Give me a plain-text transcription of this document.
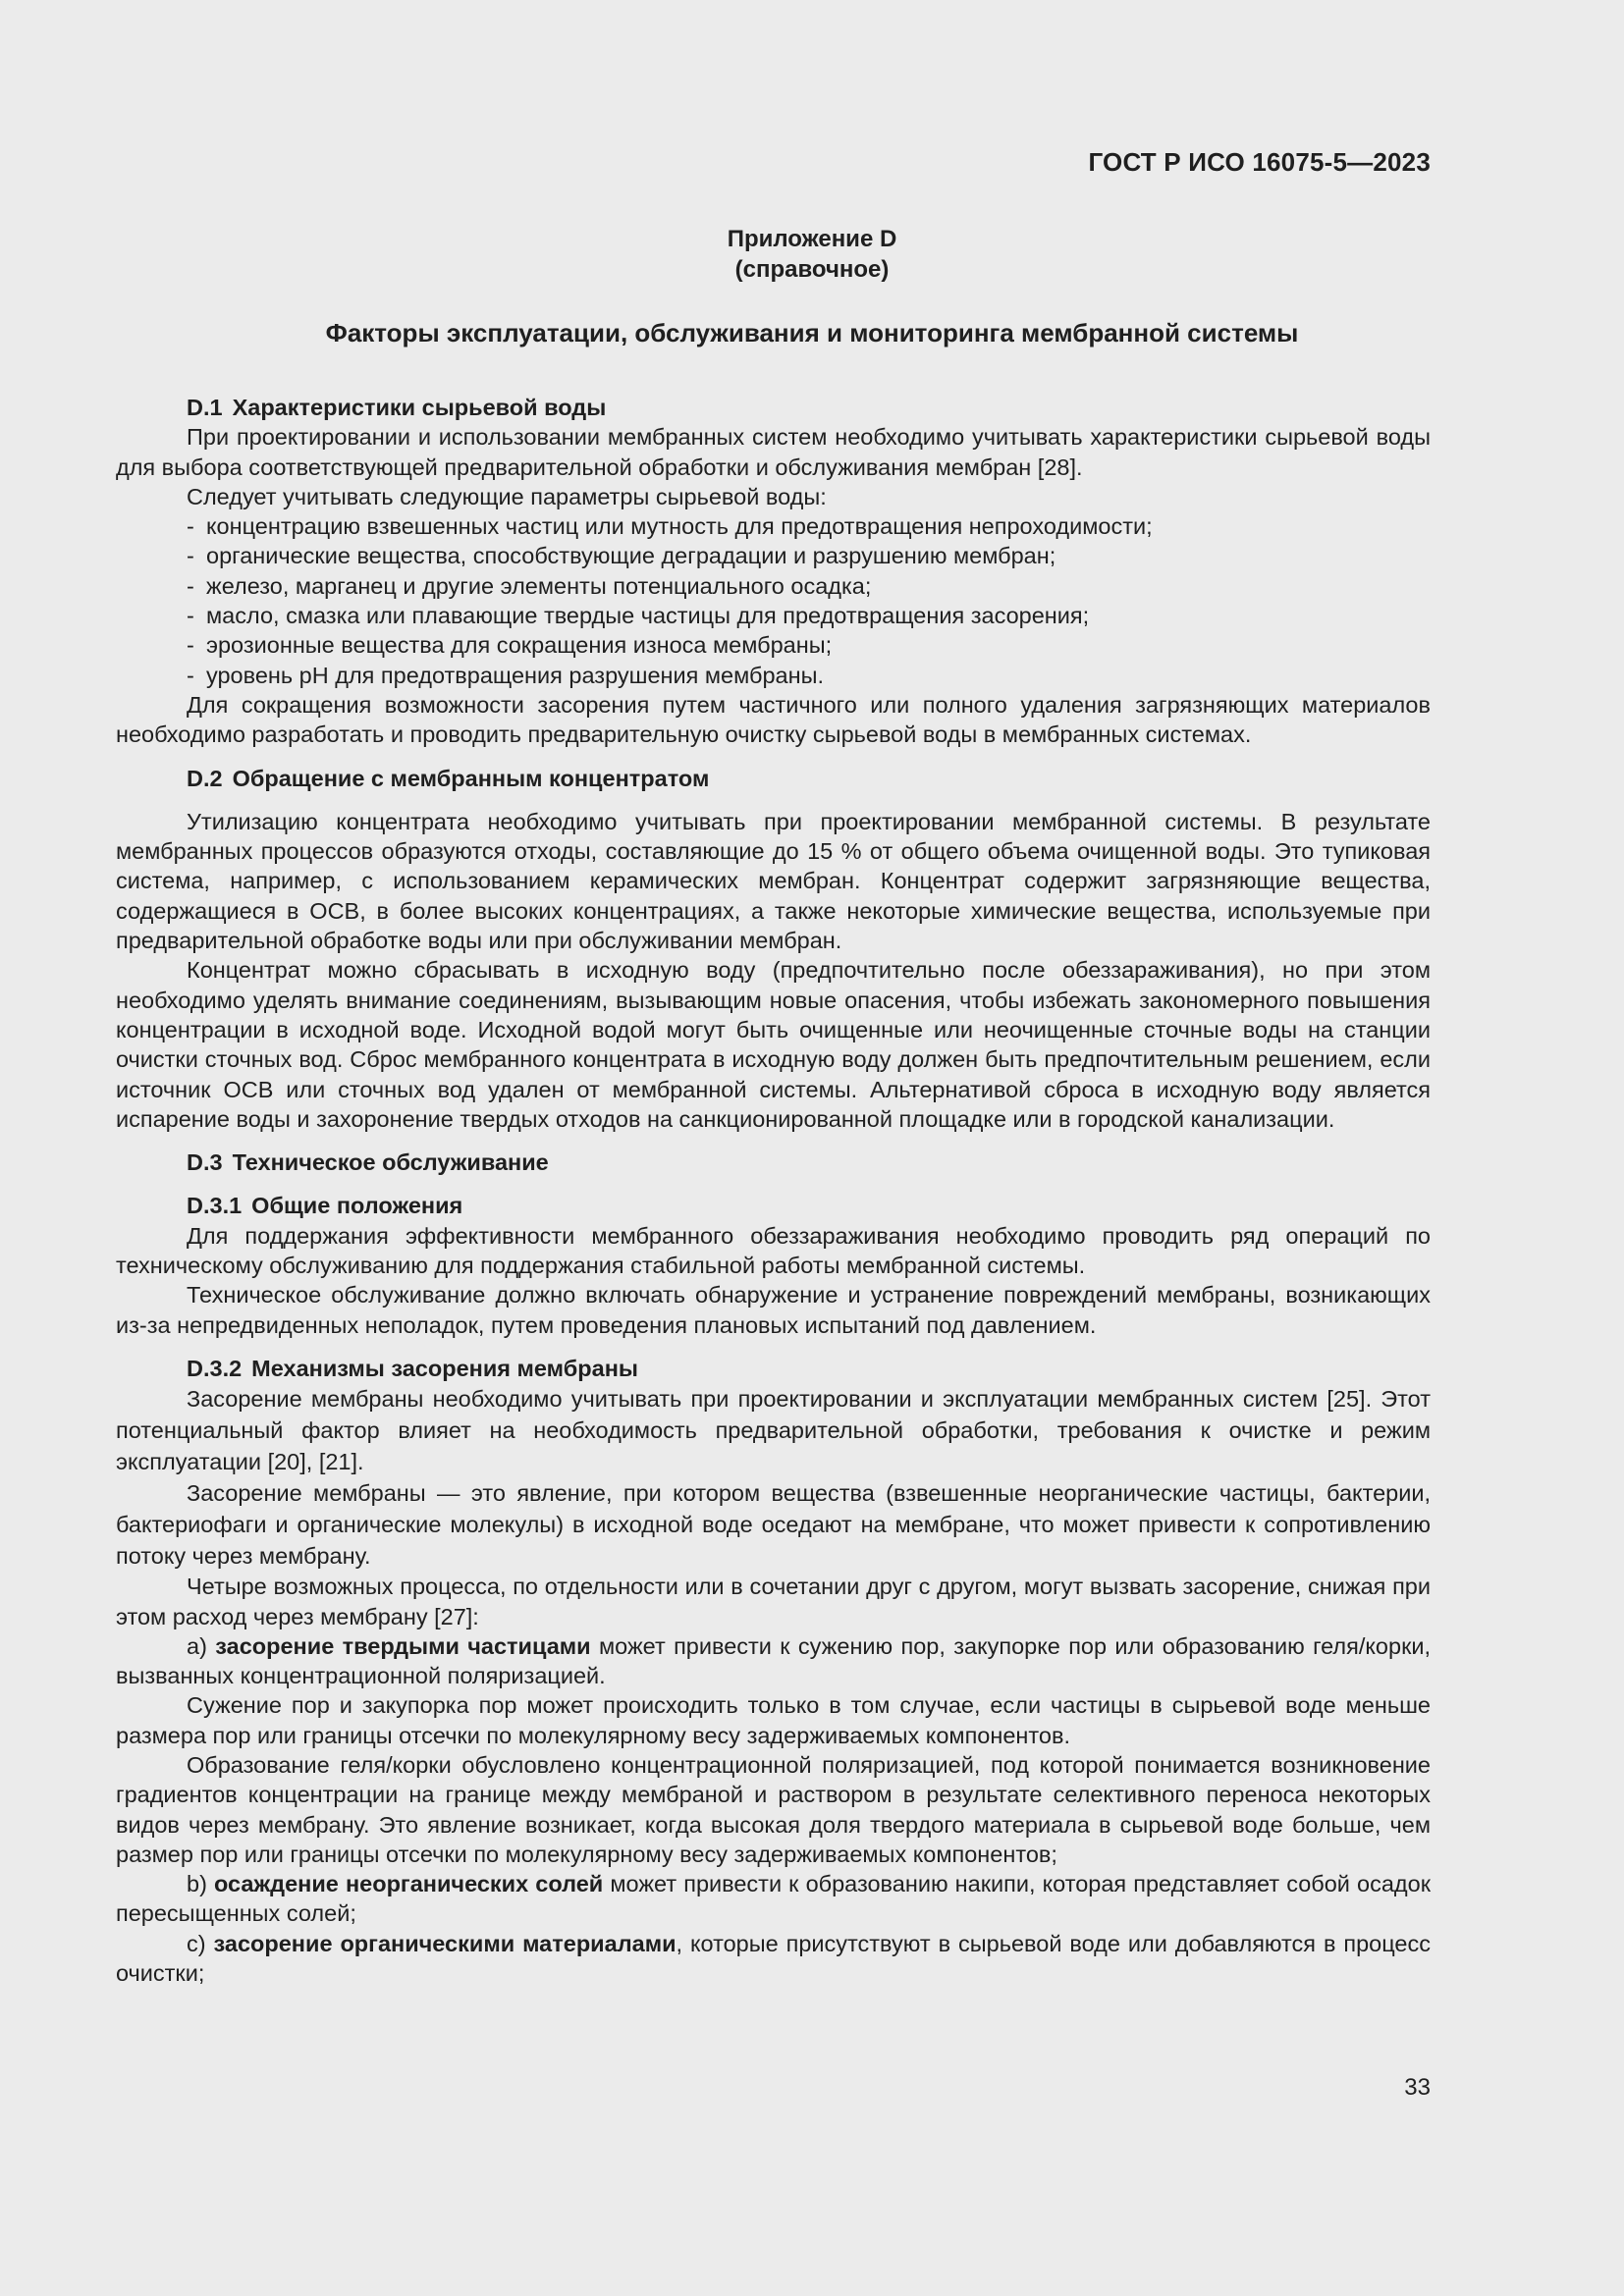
ГОСТ Р ИСО 16075-5—2023
Приложение D
(справочное)
Факторы эксплуатации, обслуживания и мониторинга мембранной системы
D.1 Характеристики сырьевой воды

При проектировании и использовании мембранных систем необходимо учитывать характеристики сырьевой воды для выбора соответствующей предварительной обработки и обслуживания мембран [28].

Следует учитывать следующие параметры сырьевой воды:

- концентрацию взвешенных частиц или мутность для предотвращения непроходимости;
- органические вещества, способствующие деградации и разрушению мембран;
- железо, марганец и другие элементы потенциального осадка;
- масло, смазка или плавающие твердые частицы для предотвращения засорения;
- эрозионные вещества для сокращения износа мембраны;
- уровень pH для предотвращения разрушения мембраны.

Для сокращения возможности засорения путем частичного или полного удаления загрязняющих материалов необходимо разработать и проводить предварительную очистку сырьевой воды в мембранных системах.

D.2 Обращение с мембранным концентратом

Утилизацию концентрата необходимо учитывать при проектировании мембранной системы. В результате мембранных процессов образуются отходы, составляющие до 15 % от общего объема очищенной воды. Это тупиковая система, например, с использованием керамических мембран. Концентрат содержит загрязняющие вещества, содержащиеся в ОСВ, в более высоких концентрациях, а также некоторые химические вещества, используемые при предварительной обработке воды или при обслуживании мембран.

Концентрат можно сбрасывать в исходную воду (предпочтительно после обеззараживания), но при этом необходимо уделять внимание соединениям, вызывающим новые опасения, чтобы избежать закономерного повышения концентрации в исходной воде. Исходной водой могут быть очищенные или неочищенные сточные воды на станции очистки сточных вод. Сброс мембранного концентрата в исходную воду должен быть предпочтительным решением, если источник ОСВ или сточных вод удален от мембранной системы. Альтернативой сброса в исходную воду является испарение воды и захоронение твердых отходов на санкционированной площадке или в городской канализации.

D.3 Техническое обслуживание
D.3.1 Общие положения

Для поддержания эффективности мембранного обеззараживания необходимо проводить ряд операций по техническому обслуживанию для поддержания стабильной работы мембранной системы.

Техническое обслуживание должно включать обнаружение и устранение повреждений мембраны, возникающих из-за непредвиденных неполадок, путем проведения плановых испытаний под давлением.

D.3.2 Механизмы засорения мембраны

Засорение мембраны необходимо учитывать при проектировании и эксплуатации мембранных систем [25]. Этот потенциальный фактор влияет на необходимость предварительной обработки, требования к очистке и режим эксплуатации [20], [21].

Засорение мембраны — это явление, при котором вещества (взвешенные неорганические частицы, бактерии, бактериофаги и органические молекулы) в исходной воде оседают на мембране, что может привести к сопротивлению потоку через мембрану.

Четыре возможных процесса, по отдельности или в сочетании друг с другом, могут вызвать засорение, снижая при этом расход через мембрану [27]:

a) засорение твердыми частицами может привести к сужению пор, закупорке пор или образованию геля/корки, вызванных концентрационной поляризацией.

Сужение пор и закупорка пор может происходить только в том случае, если частицы в сырьевой воде меньше размера пор или границы отсечки по молекулярному весу задерживаемых компонентов.

Образование геля/корки обусловлено концентрационной поляризацией, под которой понимается возникновение градиентов концентрации на границе между мембраной и раствором в результате селективного переноса некоторых видов через мембрану. Это явление возникает, когда высокая доля твердого материала в сырьевой воде больше, чем размер пор или границы отсечки по молекулярному весу задерживаемых компонентов;

b) осаждение неорганических солей может привести к образованию накипи, которая представляет собой осадок пересыщенных солей;

c) засорение органическими материалами, которые присутствуют в сырьевой воде или добавляются в процесс очистки;

33
